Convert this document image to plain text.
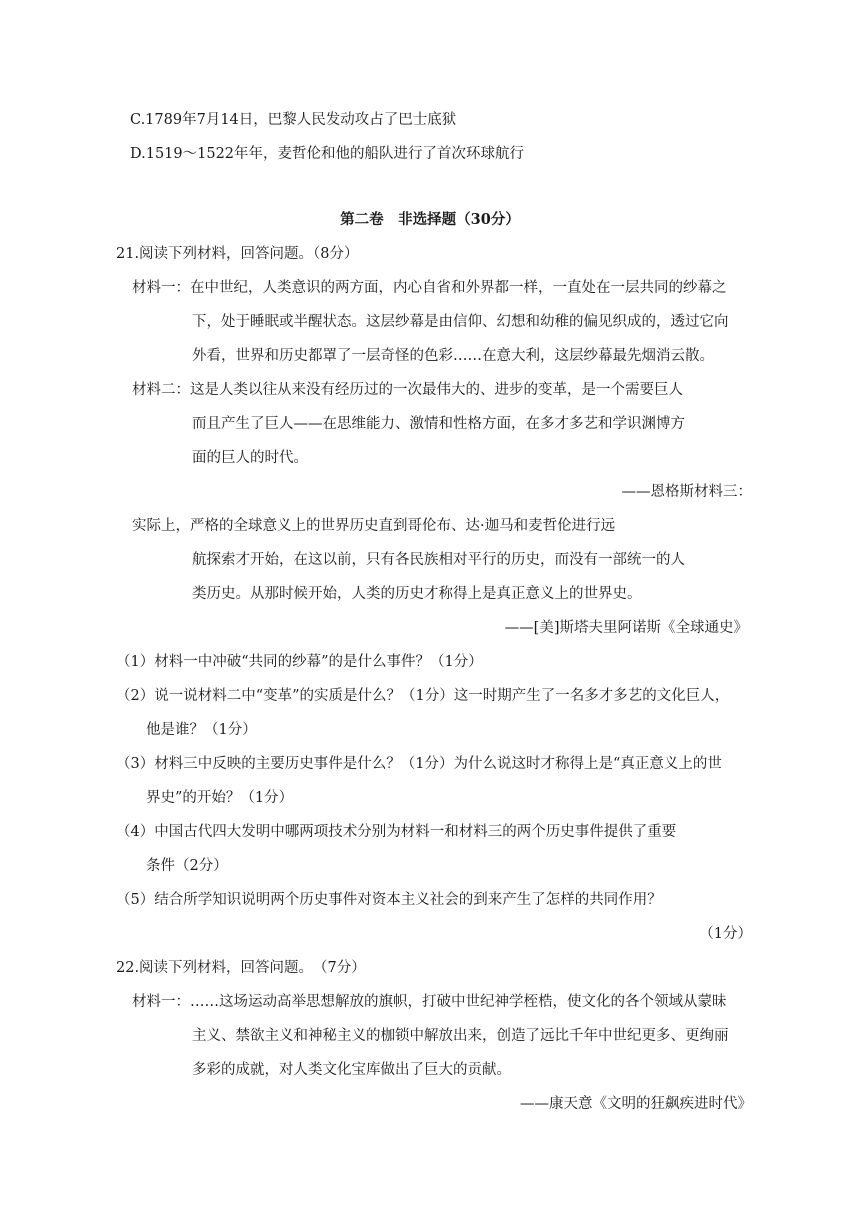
C.1789年7月14日，巴黎人民发动攻占了巴士底狱
D.1519～1522年年，麦哲伦和他的船队进行了首次环球航行
第二卷　非选择题（30分）
21.阅读下列材料，回答问题。（8分）
材料一：在中世纪，人类意识的两方面，内心自省和外界都一样，一直处在一层共同的纱幕之
下，处于睡眠或半醒状态。这层纱幕是由信仰、幻想和幼稚的偏见织成的，透过它向
外看，世界和历史都罩了一层奇怪的色彩……在意大利，这层纱幕最先烟消云散。
材料二：这是人类以往从来没有经历过的一次最伟大的、进步的变革，是一个需要巨人
而且产生了巨人——在思维能力、激情和性格方面，在多才多艺和学识渊博方
面的巨人的时代。
——恩格斯材料三：
实际上，严格的全球意义上的世界历史直到哥伦布、达·迦马和麦哲伦进行远
航探索才开始，在这以前，只有各民族相对平行的历史，而没有一部统一的人
类历史。从那时候开始，人类的历史才称得上是真正意义上的世界史。
——[美]斯塔夫里阿诺斯《全球通史》
（1）材料一中冲破“共同的纱幕”的是什么事件？（1分）
（2）说一说材料二中“变革”的实质是什么？（1分）这一时期产生了一名多才多艺的文化巨人，
他是谁？（1分）
（3）材料三中反映的主要历史事件是什么？（1分）为什么说这时才称得上是“真正意义上的世
界史”的开始？（1分）
（4）中国古代四大发明中哪两项技术分别为材料一和材料三的两个历史事件提供了重要
条件（2分）
（5）结合所学知识说明两个历史事件对资本主义社会的到来产生了怎样的共同作用？
（1分）
22.阅读下列材料，回答问题。　（7分）
材料一：……这场运动高举思想解放的旗帜，打破中世纪神学桎梏，使文化的各个领域从蒙昧
主义、禁欲主义和神秘主义的枷锁中解放出来，创造了远比千年中世纪更多、更绚丽
多彩的成就，对人类文化宝库做出了巨大的贡献。
——康天意《文明的狂飙疾进时代》
